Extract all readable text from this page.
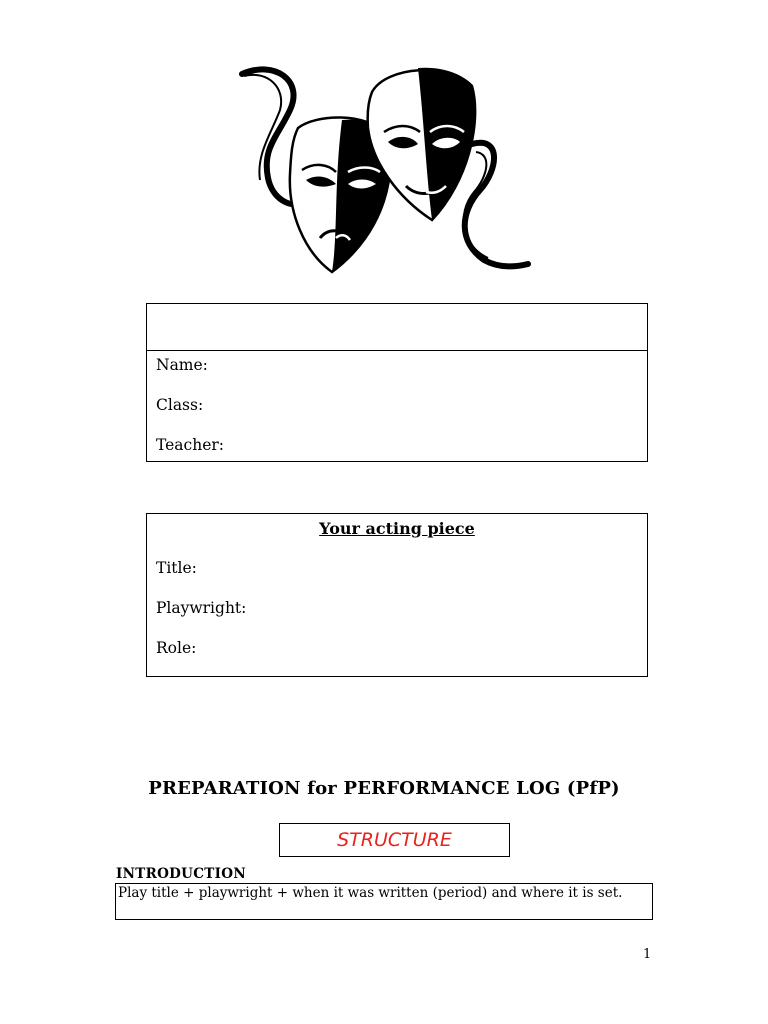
Name:
Class:
Teacher:
Your acting piece
Title:
Playwright:
Role:
PREPARATION for PERFORMANCE LOG (PfP)
STRUCTURE
INTRODUCTION
Play title + playwright + when it was written (period) and where it is set.
1
